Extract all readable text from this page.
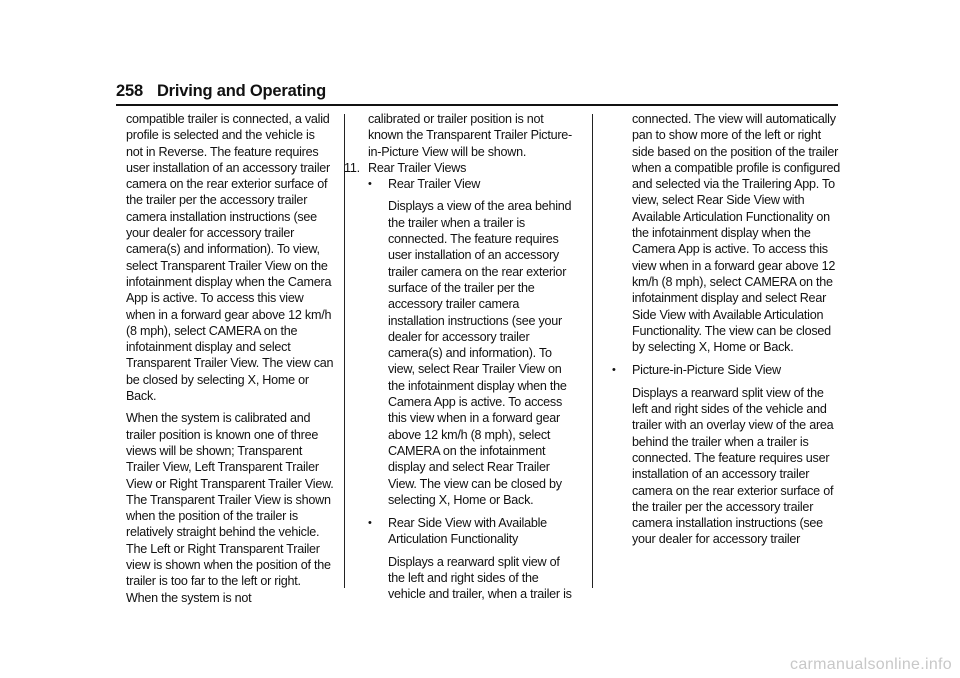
258 Driving and Operating

compatible trailer is connected, a valid profile is selected and the vehicle is not in Reverse. The feature requires user installation of an accessory trailer camera on the rear exterior surface of the trailer per the accessory trailer camera installation instructions (see your dealer for accessory trailer camera(s) and information). To view, select Transparent Trailer View on the infotainment display when the Camera App is active. To access this view when in a forward gear above 12 km/h (8 mph), select CAMERA on the infotainment display and select Transparent Trailer View. The view can be closed by selecting X, Home or Back.

When the system is calibrated and trailer position is known one of three views will be shown; Transparent Trailer View, Left Transparent Trailer View or Right Transparent Trailer View. The Transparent Trailer View is shown when the position of the trailer is relatively straight behind the vehicle. The Left or Right Transparent Trailer view is shown when the position of the trailer is too far to the left or right. When the system is not

calibrated or trailer position is not known the Transparent Trailer Picture-in-Picture View will be shown.

11. Rear Trailer Views
• Rear Trailer View
Displays a view of the area behind the trailer when a trailer is connected. The feature requires user installation of an accessory trailer camera on the rear exterior surface of the trailer per the accessory trailer camera installation instructions (see your dealer for accessory trailer camera(s) and information). To view, select Rear Trailer View on the infotainment display when the Camera App is active. To access this view when in a forward gear above 12 km/h (8 mph), select CAMERA on the infotainment display and select Rear Trailer View. The view can be closed by selecting X, Home or Back.
• Rear Side View with Available Articulation Functionality
Displays a rearward split view of the left and right sides of the vehicle and trailer, when a trailer is

connected. The view will automatically pan to show more of the left or right side based on the position of the trailer when a compatible profile is configured and selected via the Trailering App. To view, select Rear Side View with Available Articulation Functionality on the infotainment display when the Camera App is active. To access this view when in a forward gear above 12 km/h (8 mph), select CAMERA on the infotainment display and select Rear Side View with Available Articulation Functionality. The view can be closed by selecting X, Home or Back.

• Picture-in-Picture Side View
Displays a rearward split view of the left and right sides of the vehicle and trailer with an overlay view of the area behind the trailer when a trailer is connected. The feature requires user installation of an accessory trailer camera on the rear exterior surface of the trailer per the accessory trailer camera installation instructions (see your dealer for accessory trailer
carmanualsonline.info
